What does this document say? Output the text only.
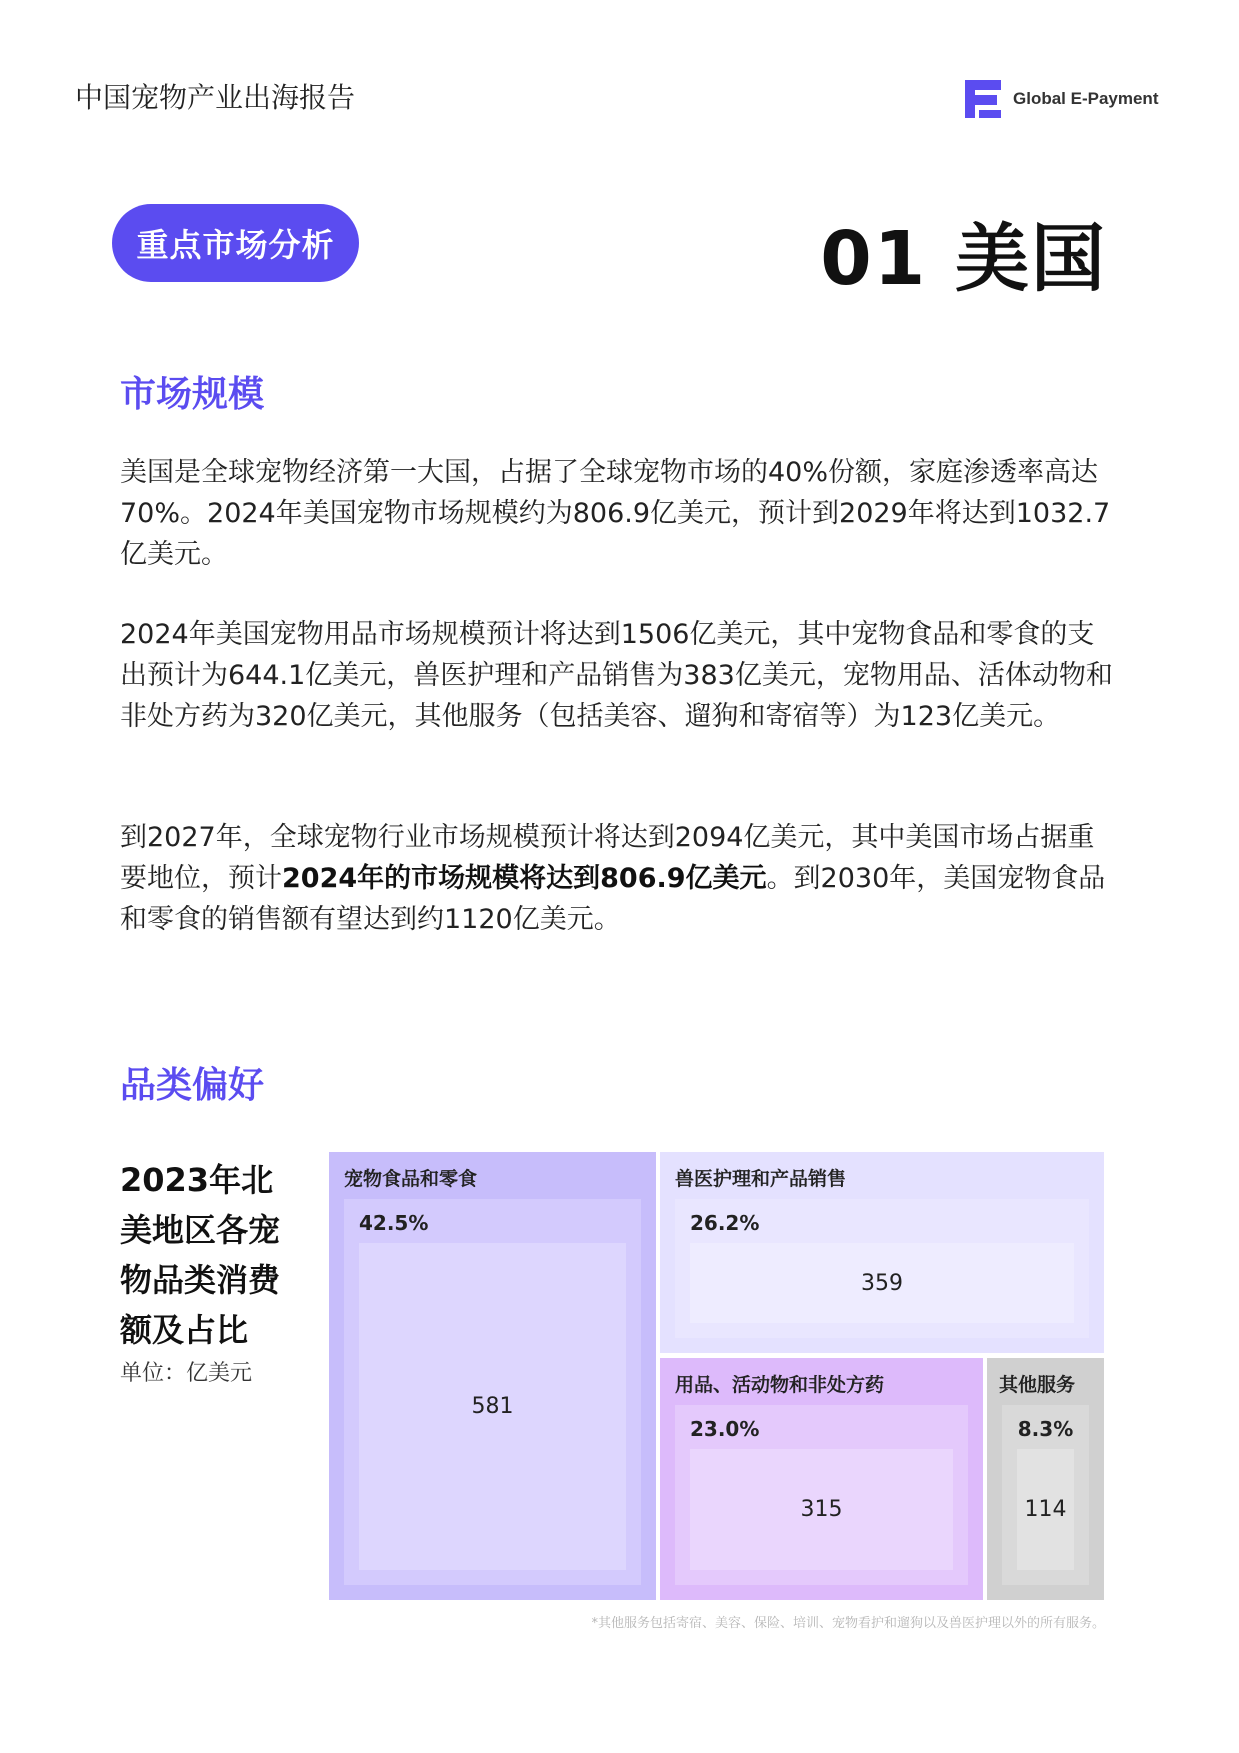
中国宠物产业出海报告	Global E-Payment
重点市场分析	01 美国
市场规模

美国是全球宠物经济第一大国，占据了全球宠物市场的40%份额，家庭渗透率高达70%。2024年美国宠物市场规模约为806.9亿美元，预计到2029年将达到1032.7亿美元。

2024年美国宠物用品市场规模预计将达到1506亿美元，其中宠物食品和零食的支出预计为644.1亿美元，兽医护理和产品销售为383亿美元，宠物用品、活体动物和非处方药为320亿美元，其他服务（包括美容、遛狗和寄宿等）为123亿美元。

到2027年，全球宠物行业市场规模预计将达到2094亿美元，其中美国市场占据重要地位，预计2024年的市场规模将达到806.9亿美元。到2030年，美国宠物食品和零食的销售额有望达到约1120亿美元。

品类偏好
2023年北美地区各宠物品类消费额及占比
单位：亿美元
宠物食品和零食
42.5%
581
兽医护理和产品销售
26.2%
359
用品、活动物和非处方药
23.0%
315
其他服务
8.3%
114
*其他服务包括寄宿、美容、保险、培训、宠物看护和遛狗以及兽医护理以外的所有服务。
